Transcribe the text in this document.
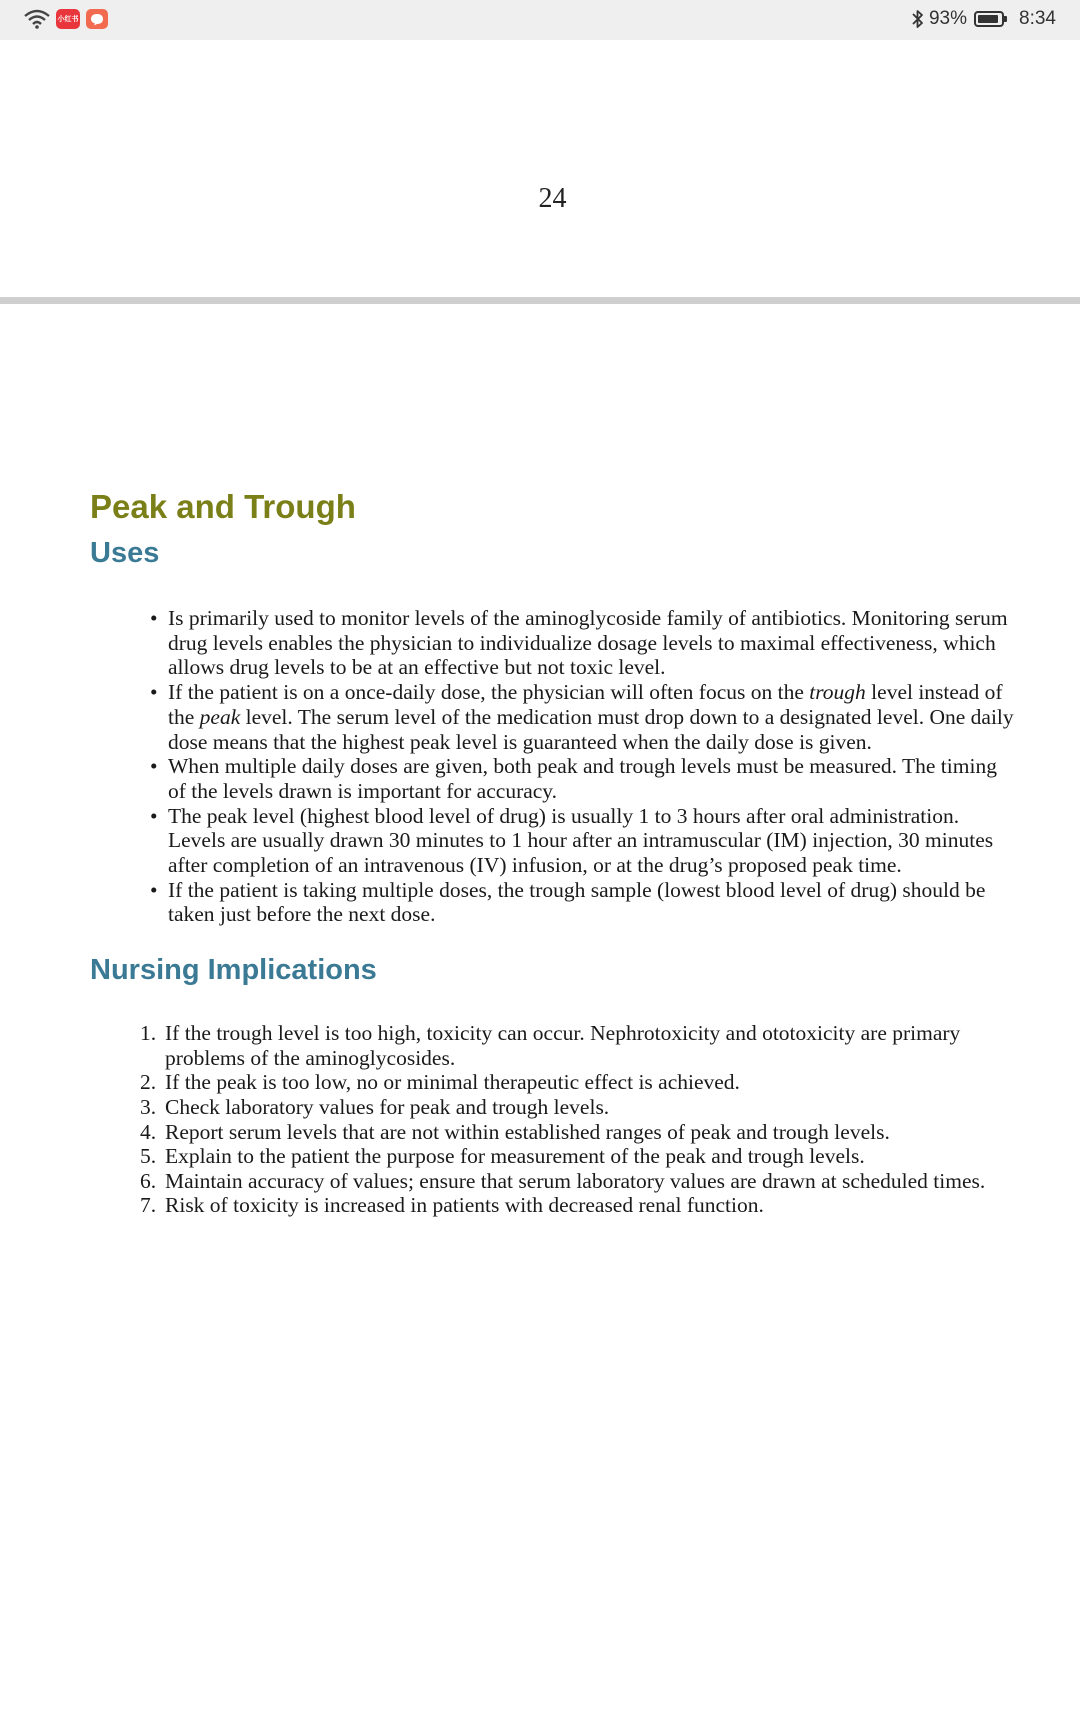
小红书	93%	8:34
24
Peak and Trough
Uses
• Is primarily used to monitor levels of the aminoglycoside family of antibiotics. Monitoring serum drug levels enables the physician to individualize dosage levels to maximal effectiveness, which allows drug levels to be at an effective but not toxic level.
• If the patient is on a once-daily dose, the physician will often focus on the trough level instead of the peak level. The serum level of the medication must drop down to a designated level. One daily dose means that the highest peak level is guaranteed when the daily dose is given.
• When multiple daily doses are given, both peak and trough levels must be measured. The timing of the levels drawn is important for accuracy.
• The peak level (highest blood level of drug) is usually 1 to 3 hours after oral administration. Levels are usually drawn 30 minutes to 1 hour after an intramuscular (IM) injection, 30 minutes after completion of an intravenous (IV) infusion, or at the drug’s proposed peak time.
• If the patient is taking multiple doses, the trough sample (lowest blood level of drug) should be taken just before the next dose.
Nursing Implications
1. If the trough level is too high, toxicity can occur. Nephrotoxicity and ototoxicity are primary problems of the aminoglycosides.
2. If the peak is too low, no or minimal therapeutic effect is achieved.
3. Check laboratory values for peak and trough levels.
4. Report serum levels that are not within established ranges of peak and trough levels.
5. Explain to the patient the purpose for measurement of the peak and trough levels.
6. Maintain accuracy of values; ensure that serum laboratory values are drawn at scheduled times.
7. Risk of toxicity is increased in patients with decreased renal function.
